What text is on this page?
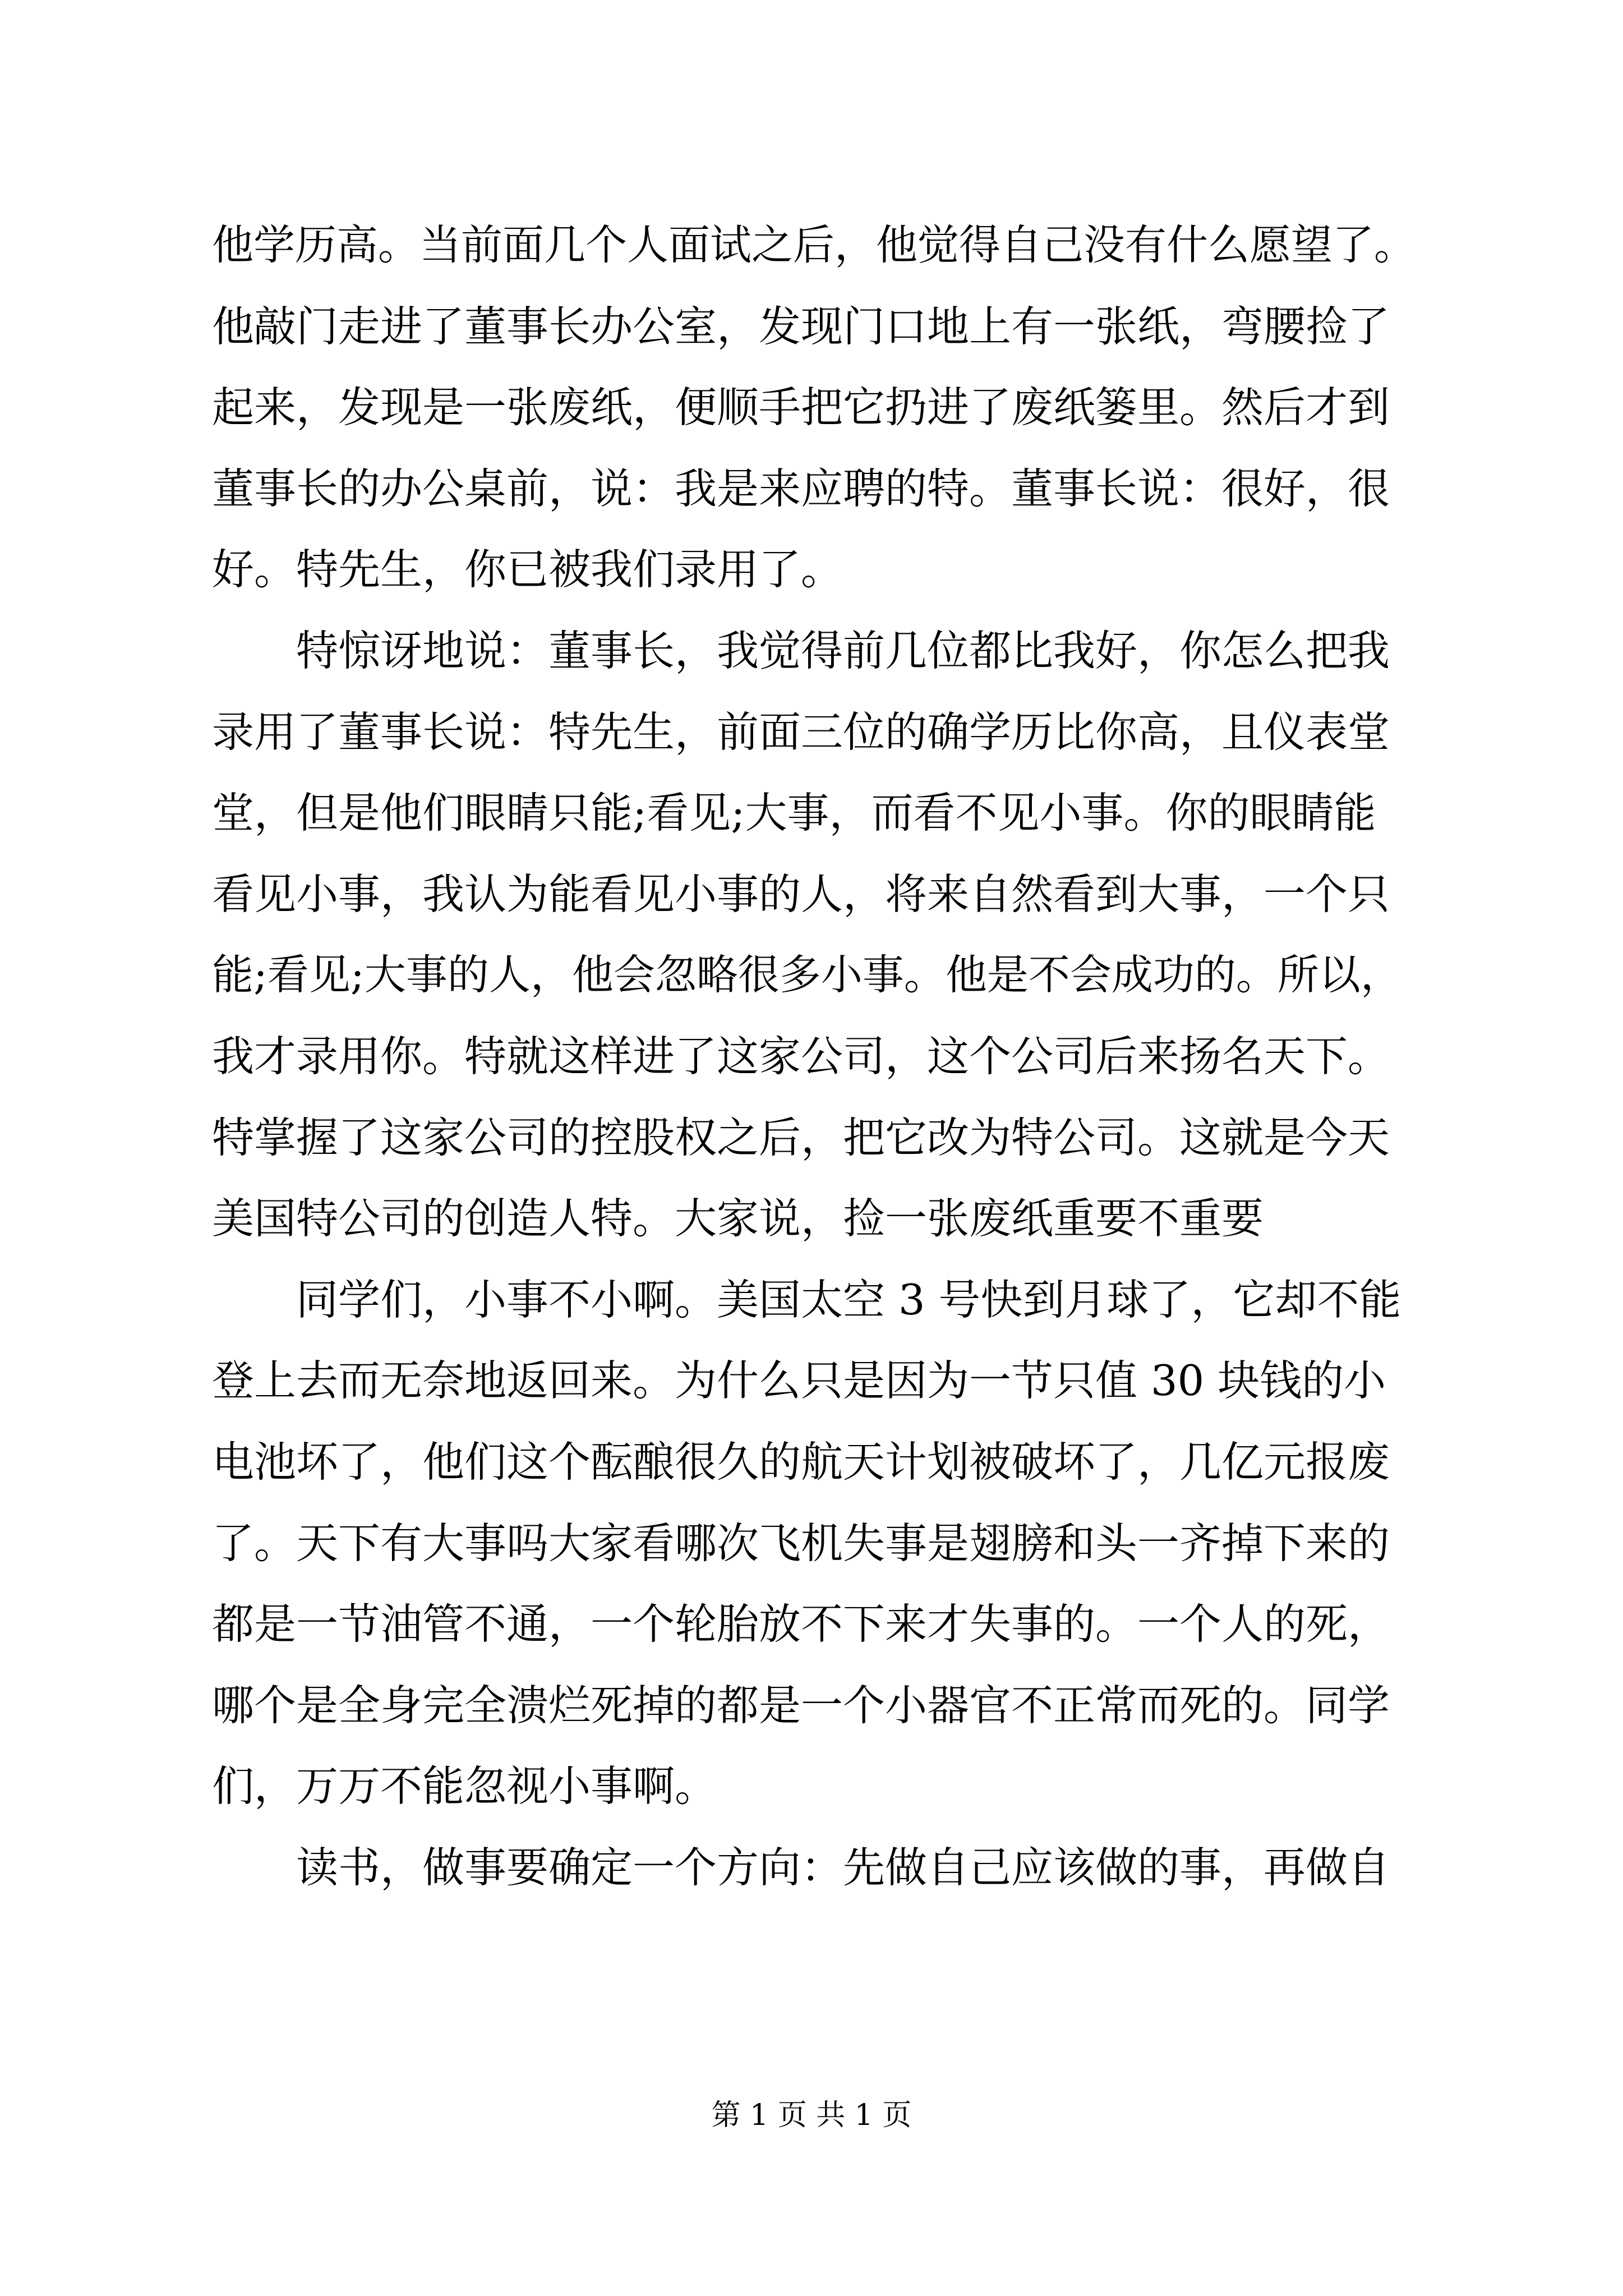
他学历高。当前面几个人面试之后，他觉得自己没有什么愿望了。
他敲门走进了董事长办公室，发现门口地上有一张纸，弯腰捡了
起来，发现是一张废纸，便顺手把它扔进了废纸篓里。然后才到
董事长的办公桌前，说：我是来应聘的特。董事长说：很好，很
好。特先生，你已被我们录用了。
特惊讶地说：董事长，我觉得前几位都比我好，你怎么把我
录用了董事长说：特先生，前面三位的确学历比你高，且仪表堂
堂，但是他们眼睛只能;看见;大事，而看不见小事。你的眼睛能
看见小事，我认为能看见小事的人，将来自然看到大事，一个只
能;看见;大事的人，他会忽略很多小事。他是不会成功的。所以，
我才录用你。特就这样进了这家公司，这个公司后来扬名天下。
特掌握了这家公司的控股权之后，把它改为特公司。这就是今天
美国特公司的创造人特。大家说，捡一张废纸重要不重要
同学们，小事不小啊。美国太空 3 号快到月球了，它却不能
登上去而无奈地返回来。为什么只是因为一节只值 30 块钱的小
电池坏了，他们这个酝酿很久的航天计划被破坏了，几亿元报废
了。天下有大事吗大家看哪次飞机失事是翅膀和头一齐掉下来的
都是一节油管不通，一个轮胎放不下来才失事的。一个人的死，
哪个是全身完全溃烂死掉的都是一个小器官不正常而死的。同学
们，万万不能忽视小事啊。
读书，做事要确定一个方向：先做自己应该做的事，再做自
第 1 页 共 1 页
